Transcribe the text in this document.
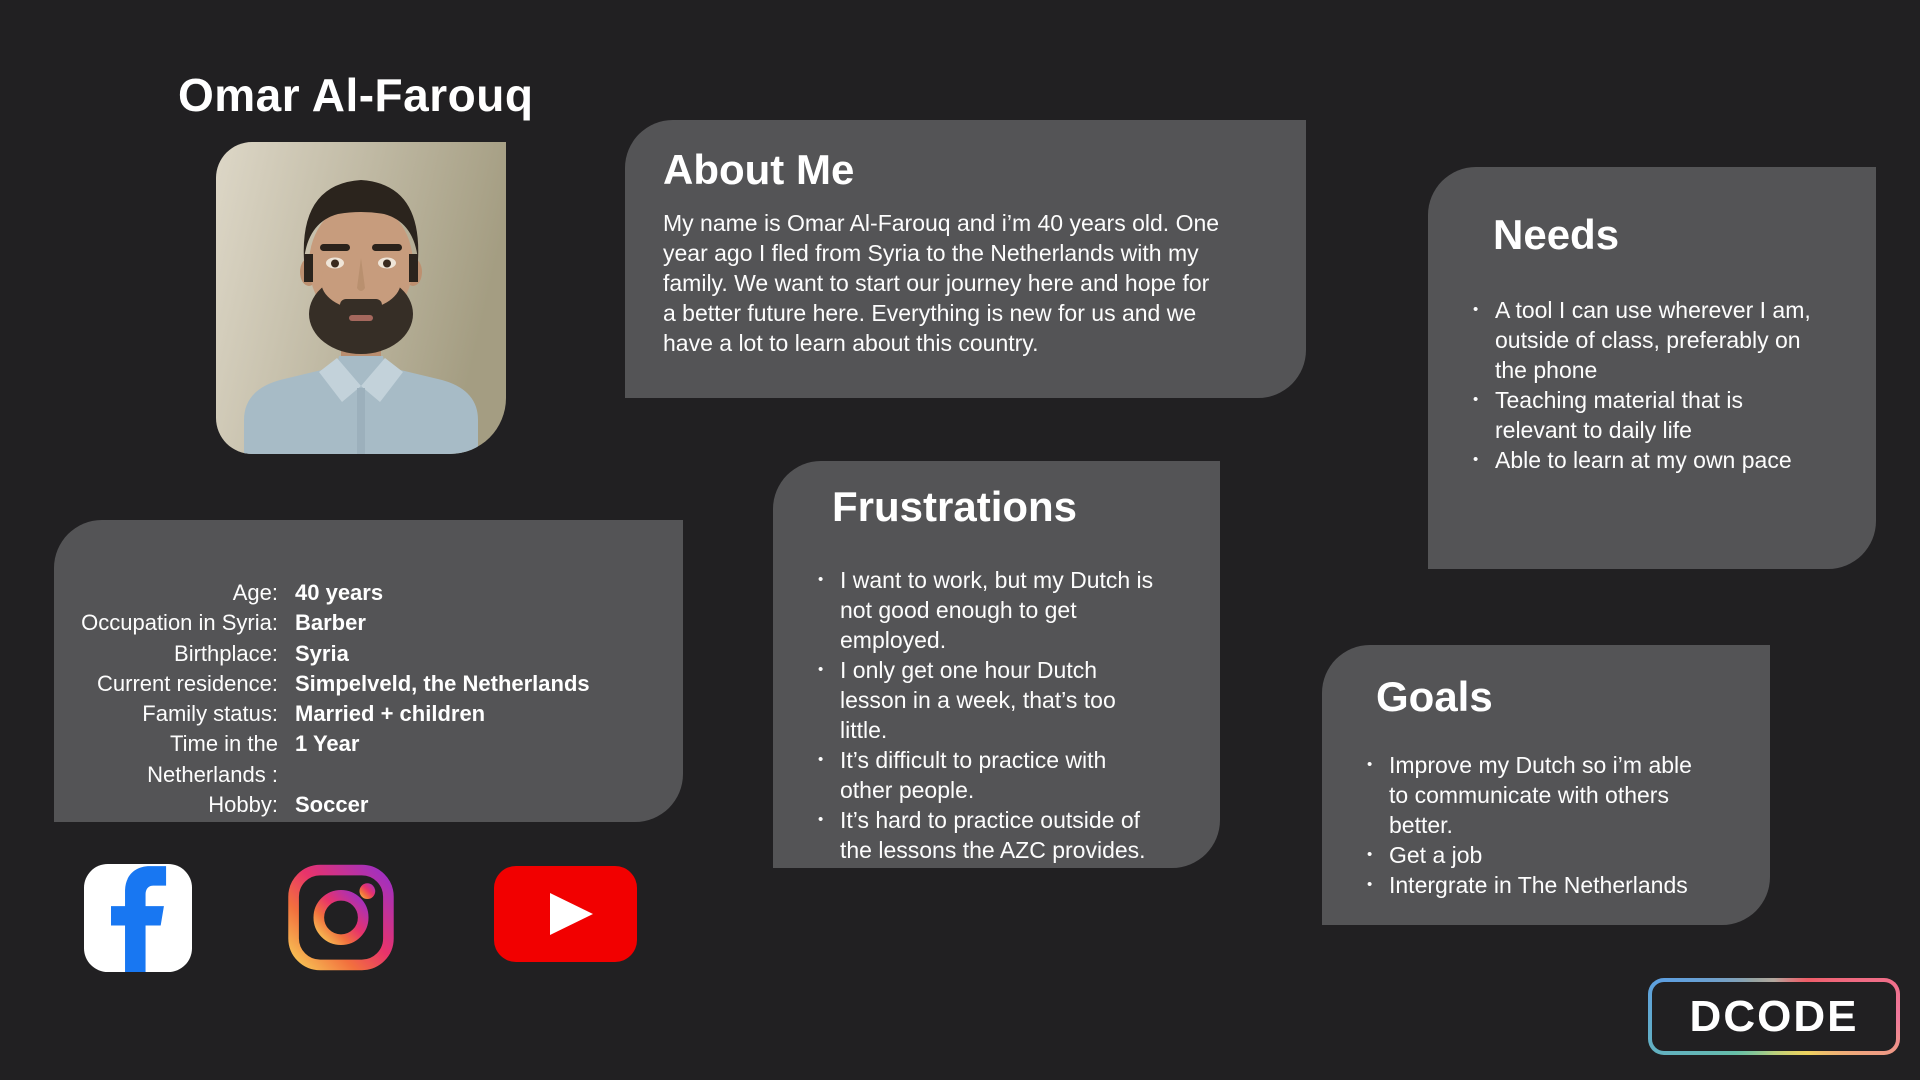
Omar Al-Farouq
About Me

My name is Omar Al-Farouq and i’m 40 years old. One year ago I fled from Syria to the Netherlands with my family. We want to start our journey here and hope for a better future here. Everything is new for us and we have a lot to learn about this country.

Needs
• A tool I can use wherever I am, outside of class, preferably on the phone
• Teaching material that is relevant to daily life
• Able to learn at my own pace
Frustrations
• I want to work, but my Dutch is not good enough to get employed.
• I only get one hour Dutch lesson in a week, that’s too little.
• It’s difficult to practice with other people.
• It’s hard to practice outside of the lessons the AZC provides.
Goals
• Improve my Dutch so i’m able to communicate with others better.
• Get a job
• Intergrate in The Netherlands
Age: 40 years
Occupation in Syria: Barber
Birthplace: Syria
Current residence: Simpelveld, the Netherlands
Family status: Married + children
Time in the Netherlands :
1 Year
Hobby: Soccer
DCODE
